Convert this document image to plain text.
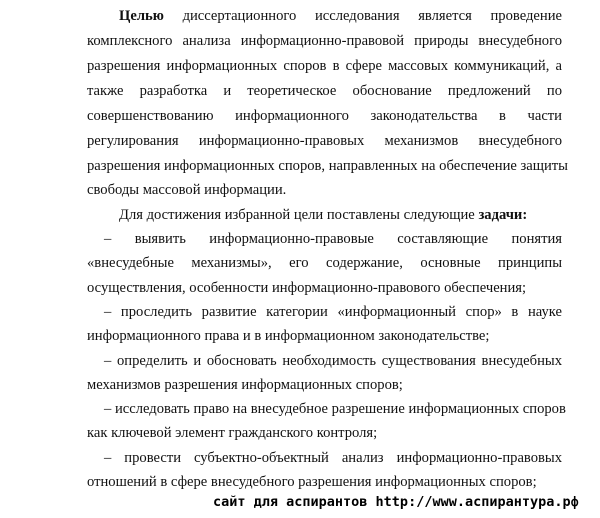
Целью диссертационного исследования является проведение
комплексного анализа информационно-правовой природы внесудебного
разрешения информационных споров в сфере массовых коммуникаций, а
также разработка и теоретическое обоснование предложений по
совершенствованию информационного законодательства в части
регулирования информационно-правовых механизмов внесудебного
разрешения информационных споров, направленных на обеспечение защиты
свободы массовой информации.
Для достижения избранной цели поставлены следующие задачи:
– выявить информационно-правовые составляющие понятия
«внесудебные механизмы», его содержание, основные принципы
осуществления, особенности информационно-правового обеспечения;
– проследить развитие категории «информационный спор» в науке
информационного права и в информационном законодательстве;
– определить и обосновать необходимость существования внесудебных
механизмов разрешения информационных споров;
– исследовать право на внесудебное разрешение информационных споров
как ключевой элемент гражданского контроля;
– провести субъектно-объектный анализ информационно-правовых
отношений в сфере внесудебного разрешения информационных споров;
сайт для аспирантов http://www.аспирантура.рф
